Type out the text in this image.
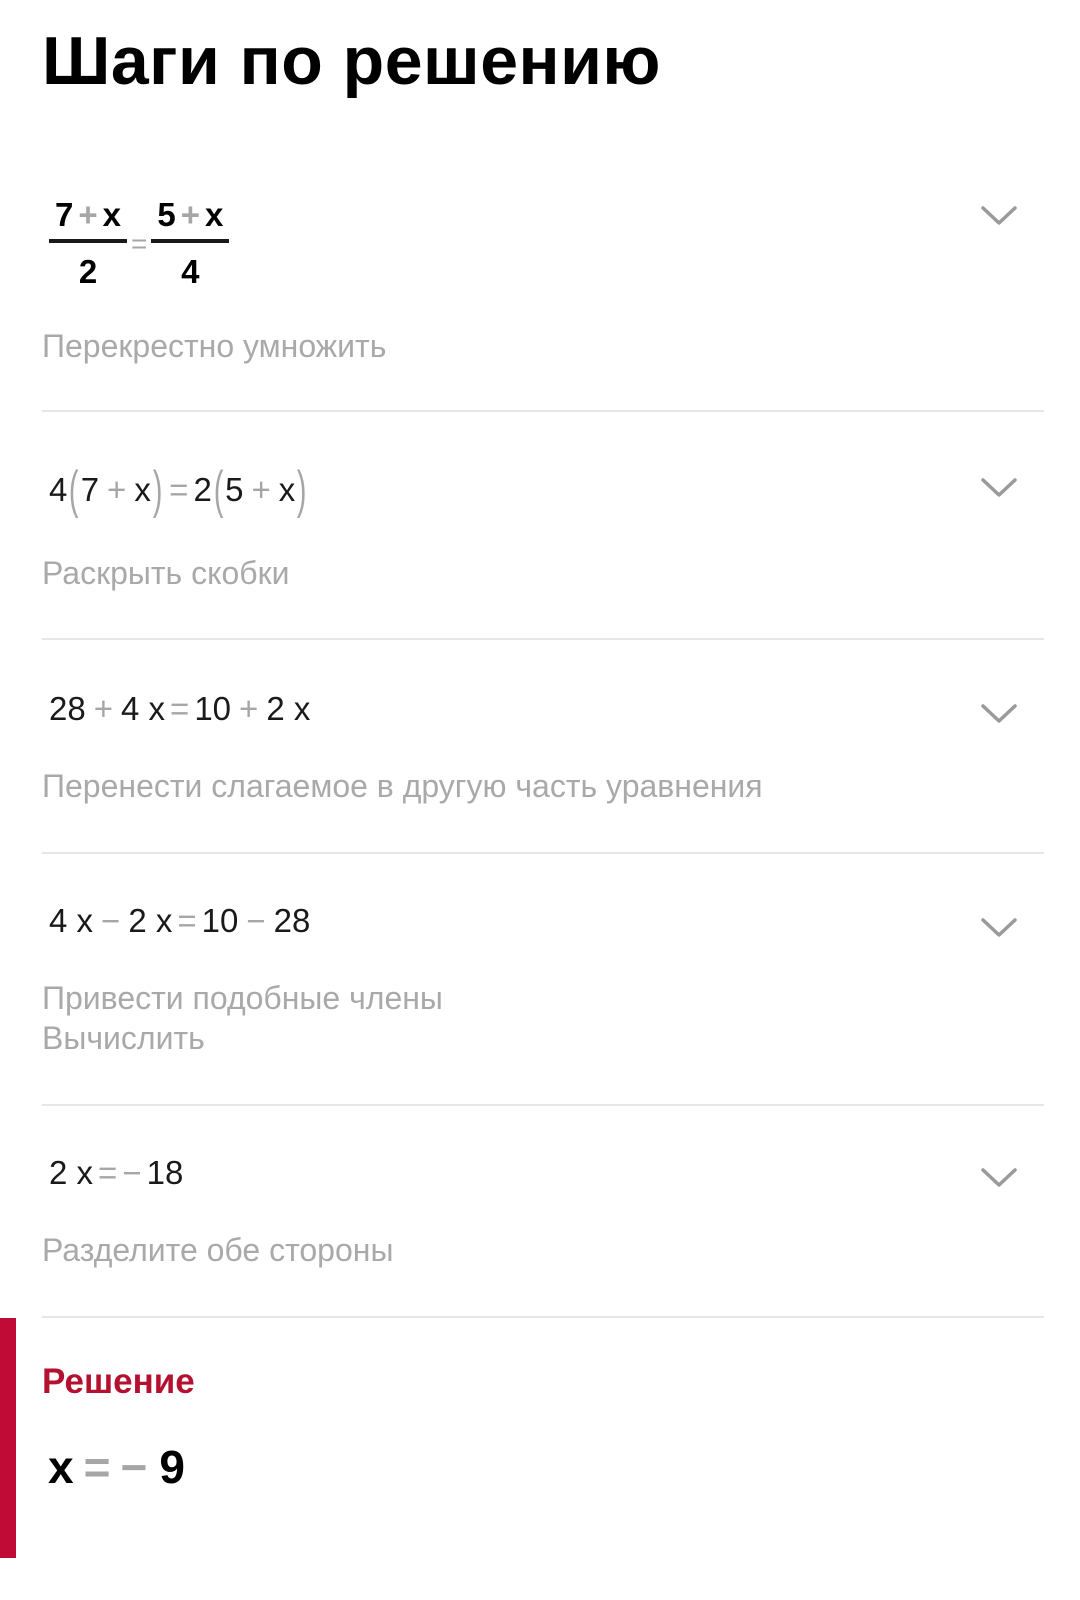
Шаги по решению
$\frac{7 + x}{2} = \frac{5 + x}{4}$
Перекрестно умножить
4 ( 7 + x ) = 2 ( 5 + x )
Раскрыть скобки
28 + 4
x = 10 + 2
x
Перенести слагаемое в другую часть уравнения
4
x − 2
x = 10 − 28
Привести подобные члены
Вычислить
2
x = − 18
Разделите обе стороны
Решение
x = − 9
